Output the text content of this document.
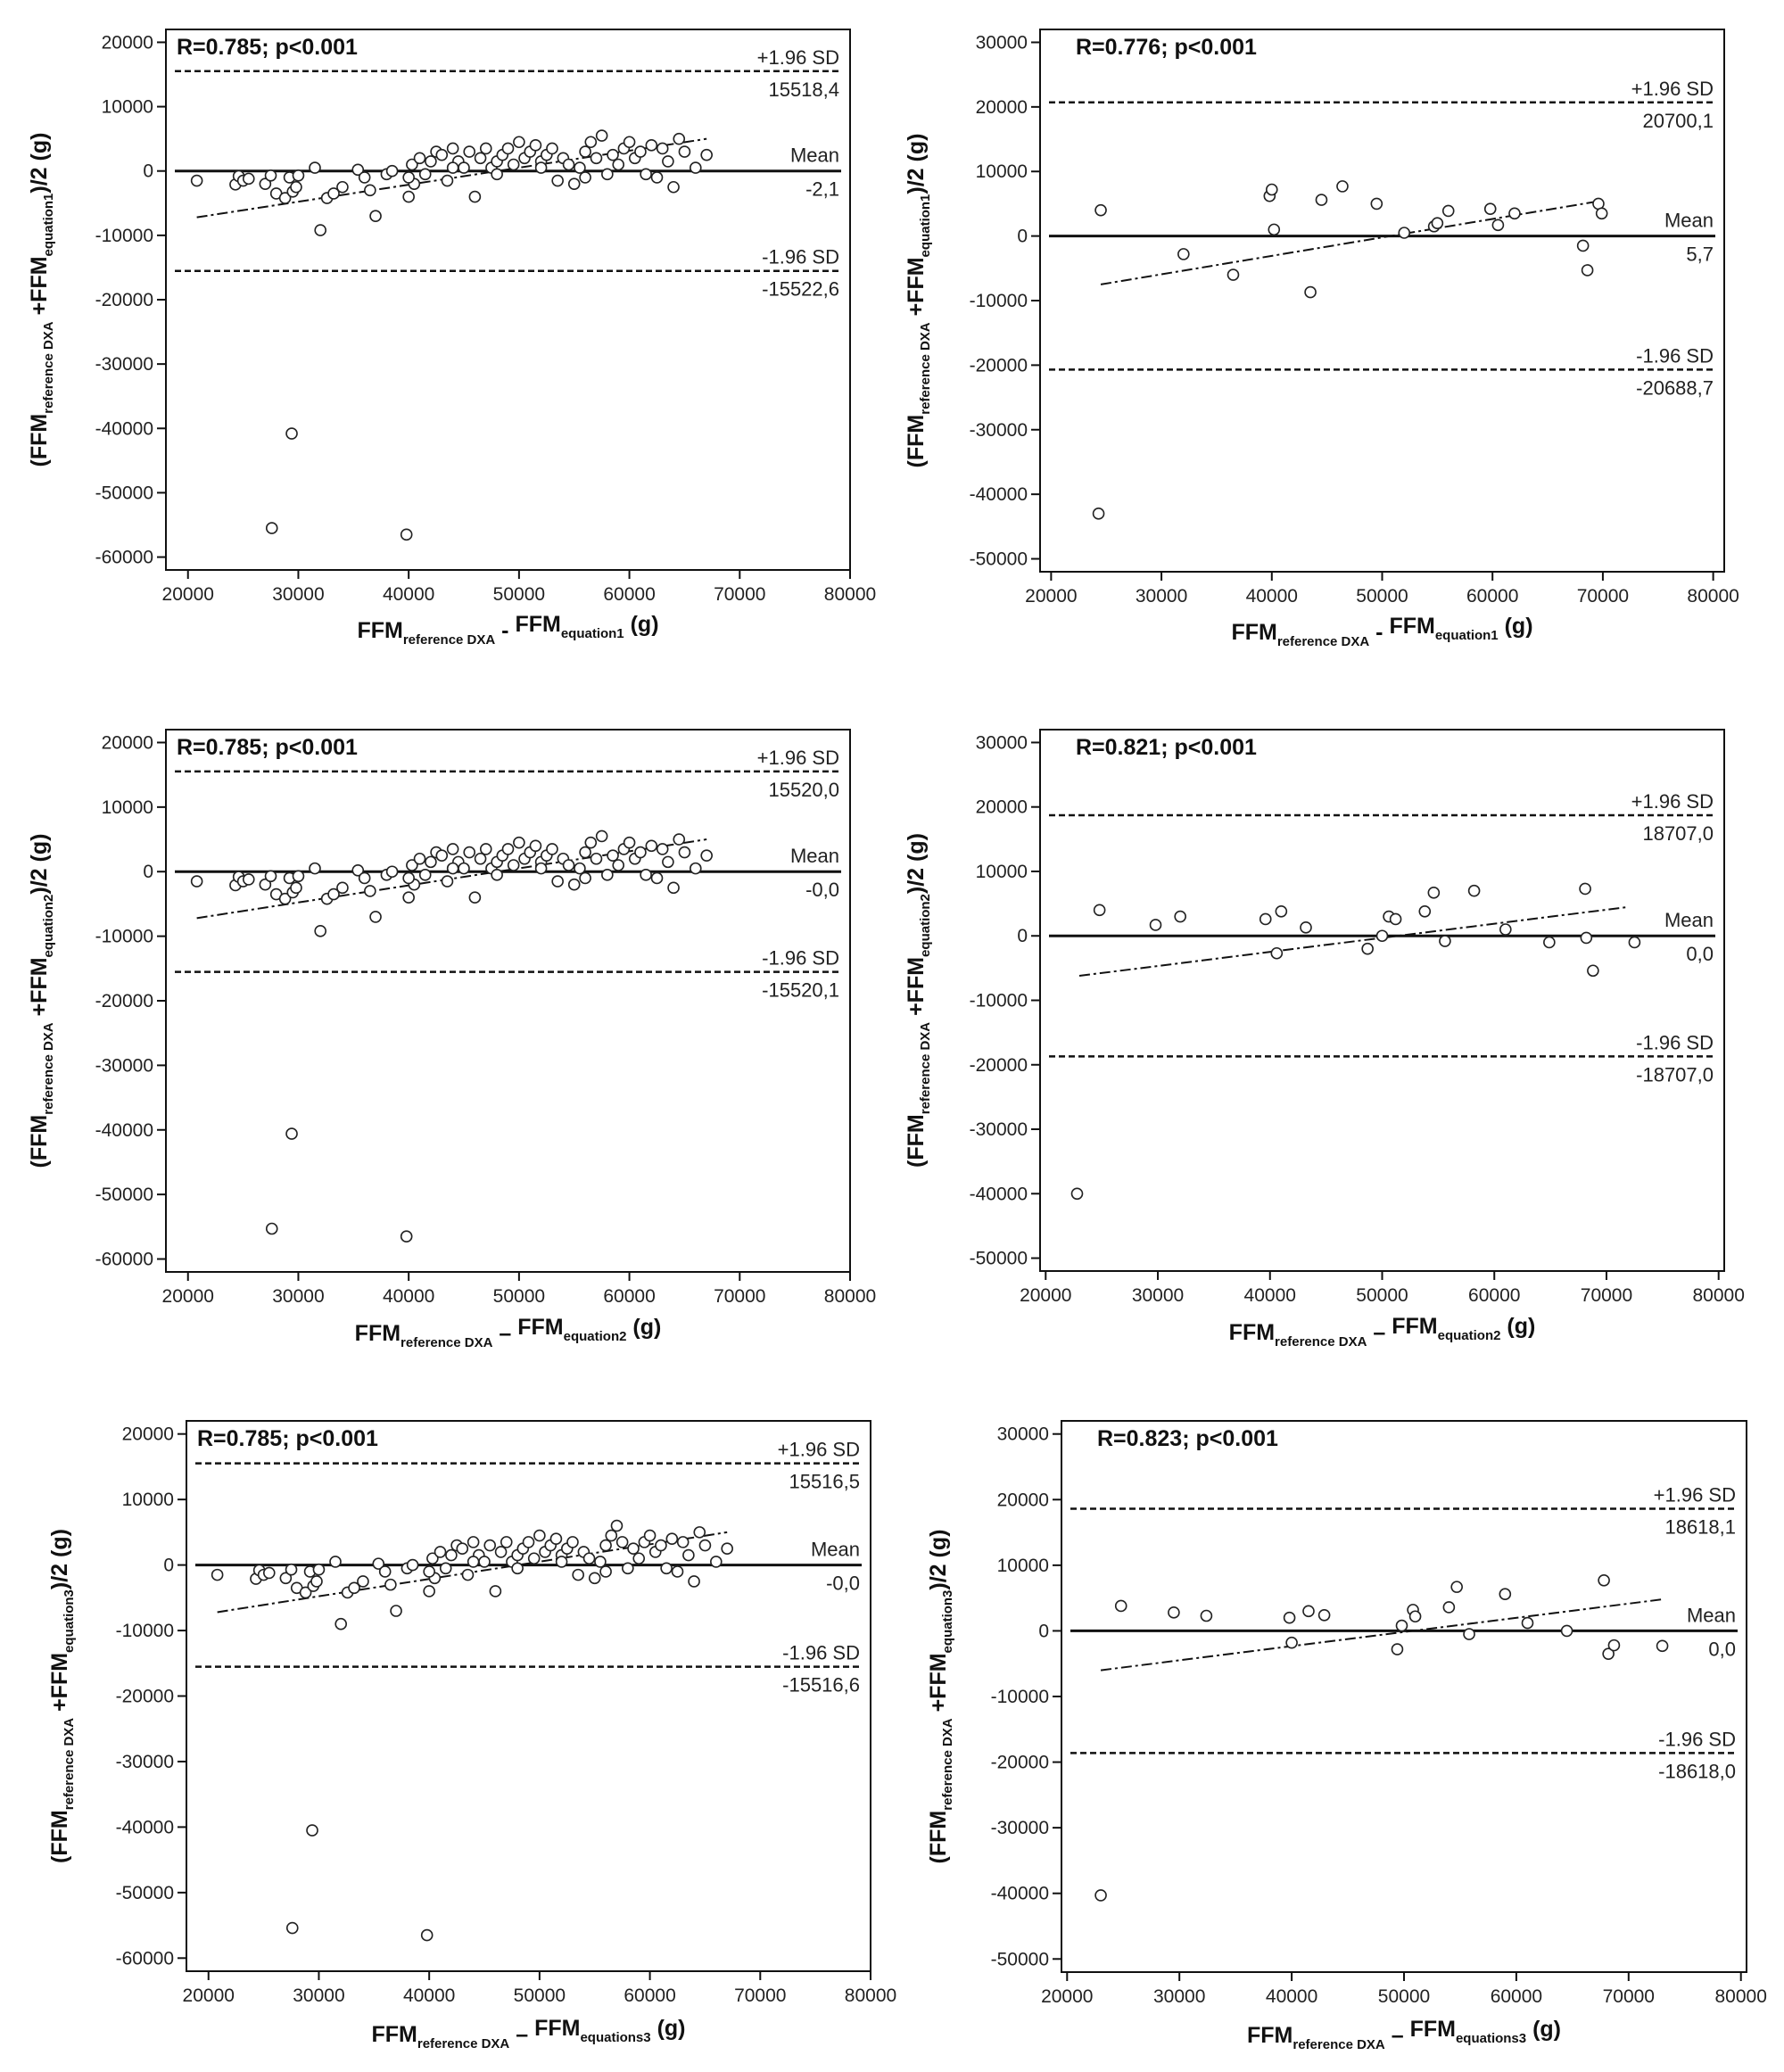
20000
10000
0
-10000
-20000
-30000
-40000
-50000
-60000
20000	30000	40000	50000	60000	70000	80000
+1.96 SD
15518,4
Mean
-2,1
-1.96 SD
-15522,6
R=0.785; p<0.001
$FFM_{reference DXA} - FFM_{equation1}$ (g)
$(FFM_{reference DXA} +FFM_{equation1})/2$ (g)
30000
20000
10000
0
-10000
-20000
-30000
-40000
-50000
20000	30000	40000	50000	60000	70000	80000
+1.96 SD
20700,1
Mean
5,7
-1.96 SD
-20688,7
R=0.776; p<0.001
$FFM_{reference DXA} - FFM_{equation1}$ (g)
$(FFM_{reference DXA} +FFM_{equation1})/2$ (g)
20000
10000
0
-10000
-20000
-30000
-40000
-50000
-60000
20000	30000	40000	50000	60000	70000	80000
+1.96 SD
15520,0
Mean
-0,0
-1.96 SD
-15520,1
R=0.785; p<0.001
$FFM_{reference DXA} - FFM_{equation2}$ (g)
$(FFM_{reference DXA} +FFM_{equation2})/2$ (g)
30000
20000
10000
0
-10000
-20000
-30000
-40000
-50000
20000	30000	40000	50000	60000	70000	80000
+1.96 SD
18707,0
Mean
0,0
-1.96 SD
-18707,0
R=0.821; p<0.001
$FFM_{reference DXA} - FFM_{equation2}$ (g)
$(FFM_{reference DXA} +FFM_{equation2})/2$ (g)
20000
10000
0
-10000
-20000
-30000
-40000
-50000
-60000
20000	30000	40000	50000	60000	70000	80000
+1.96 SD
15516,5
Mean
-0,0
-1.96 SD
-15516,6
R=0.785; p<0.001
$FFM_{reference DXA} - FFM_{equations3}$ (g)
$(FFM_{reference DXA} +FFM_{equation3})/2$ (g)
30000
20000
10000
0
-10000
-20000
-30000
-40000
-50000
20000	30000	40000	50000	60000	70000	80000
+1.96 SD
18618,1
Mean
0,0
-1.96 SD
-18618,0
R=0.823; p<0.001
$FFM_{reference DXA} - FFM_{equations3}$ (g)
$(FFM_{reference DXA} +FFM_{equation3})/2$ (g)
